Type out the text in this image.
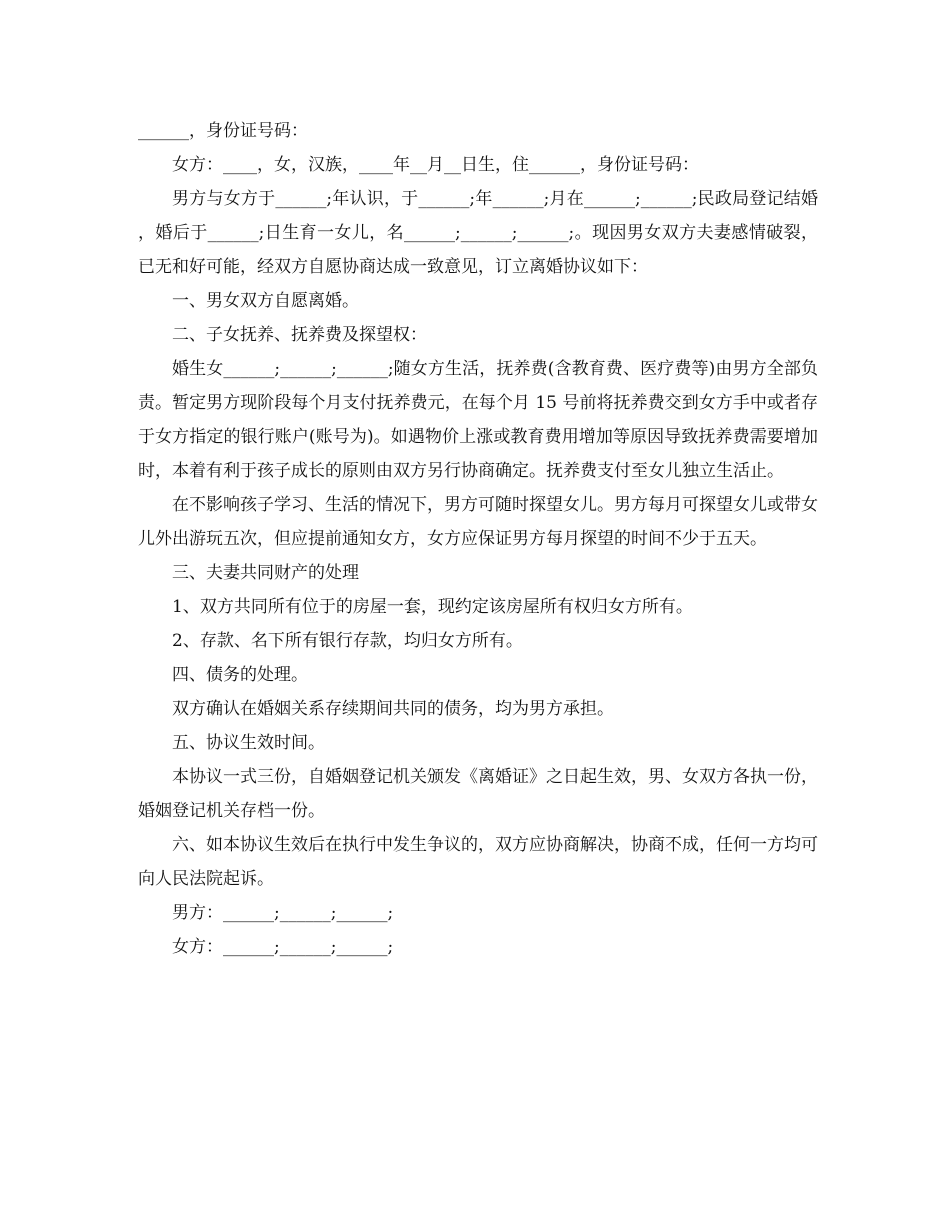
______，身份证号码：

女方：____，女，汉族，____年__月__日生，住______，身份证号码：

男方与女方于______;年认识，于______;年______;月在______;______;民政局登记结婚，婚后于______;日生育一女儿，名______;______;______;。现因男女双方夫妻感情破裂，已无和好可能，经双方自愿协商达成一致意见，订立离婚协议如下：

一、男女双方自愿离婚。

二、子女抚养、抚养费及探望权：

婚生女______;______;______;随女方生活，抚养费(含教育费、医疗费等)由男方全部负责。暂定男方现阶段每个月支付抚养费元，在每个月 15 号前将抚养费交到女方手中或者存于女方指定的银行账户(账号为)。如遇物价上涨或教育费用增加等原因导致抚养费需要增加时，本着有利于孩子成长的原则由双方另行协商确定。抚养费支付至女儿独立生活止。

在不影响孩子学习、生活的情况下，男方可随时探望女儿。男方每月可探望女儿或带女儿外出游玩五次，但应提前通知女方，女方应保证男方每月探望的时间不少于五天。

三、夫妻共同财产的处理

1、双方共同所有位于的房屋一套，现约定该房屋所有权归女方所有。

2、存款、名下所有银行存款，均归女方所有。

四、债务的处理。

双方确认在婚姻关系存续期间共同的债务，均为男方承担。

五、协议生效时间。

本协议一式三份，自婚姻登记机关颁发《离婚证》之日起生效，男、女双方各执一份，婚姻登记机关存档一份。

六、如本协议生效后在执行中发生争议的，双方应协商解决，协商不成，任何一方均可向人民法院起诉。

男方：______;______;______;

女方：______;______;______;
